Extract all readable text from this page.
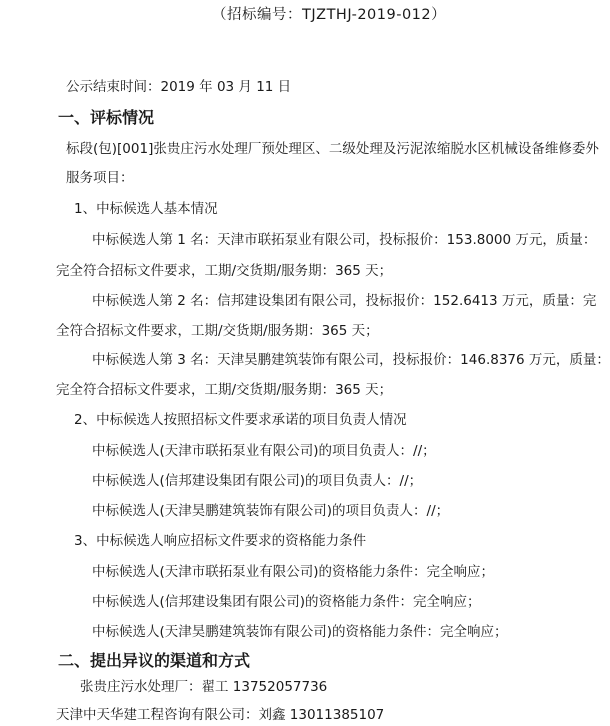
（招标编号：TJZTHJ-2019-012）
公示结束时间：2019 年 03 月 11 日
一、评标情况
标段(包)[001]张贵庄污水处理厂预处理区、二级处理及污泥浓缩脱水区机械设备维修委外
服务项目：
1、中标候选人基本情况
中标候选人第 1 名：天津市联拓泵业有限公司，投标报价：153.8000 万元，质量：
完全符合招标文件要求，工期/交货期/服务期：365 天；
中标候选人第 2 名：信邦建设集团有限公司，投标报价：152.6413 万元，质量：完
全符合招标文件要求，工期/交货期/服务期：365 天；
中标候选人第 3 名：天津昊鹏建筑装饰有限公司，投标报价：146.8376 万元，质量：
完全符合招标文件要求，工期/交货期/服务期：365 天；
2、中标候选人按照招标文件要求承诺的项目负责人情况
中标候选人(天津市联拓泵业有限公司)的项目负责人：//；
中标候选人(信邦建设集团有限公司)的项目负责人：//；
中标候选人(天津昊鹏建筑装饰有限公司)的项目负责人：//；
3、中标候选人响应招标文件要求的资格能力条件
中标候选人(天津市联拓泵业有限公司)的资格能力条件：完全响应；
中标候选人(信邦建设集团有限公司)的资格能力条件：完全响应；
中标候选人(天津昊鹏建筑装饰有限公司)的资格能力条件：完全响应；
二、提出异议的渠道和方式
张贵庄污水处理厂：翟工 13752057736
天津中天华建工程咨询有限公司：刘鑫 13011385107
